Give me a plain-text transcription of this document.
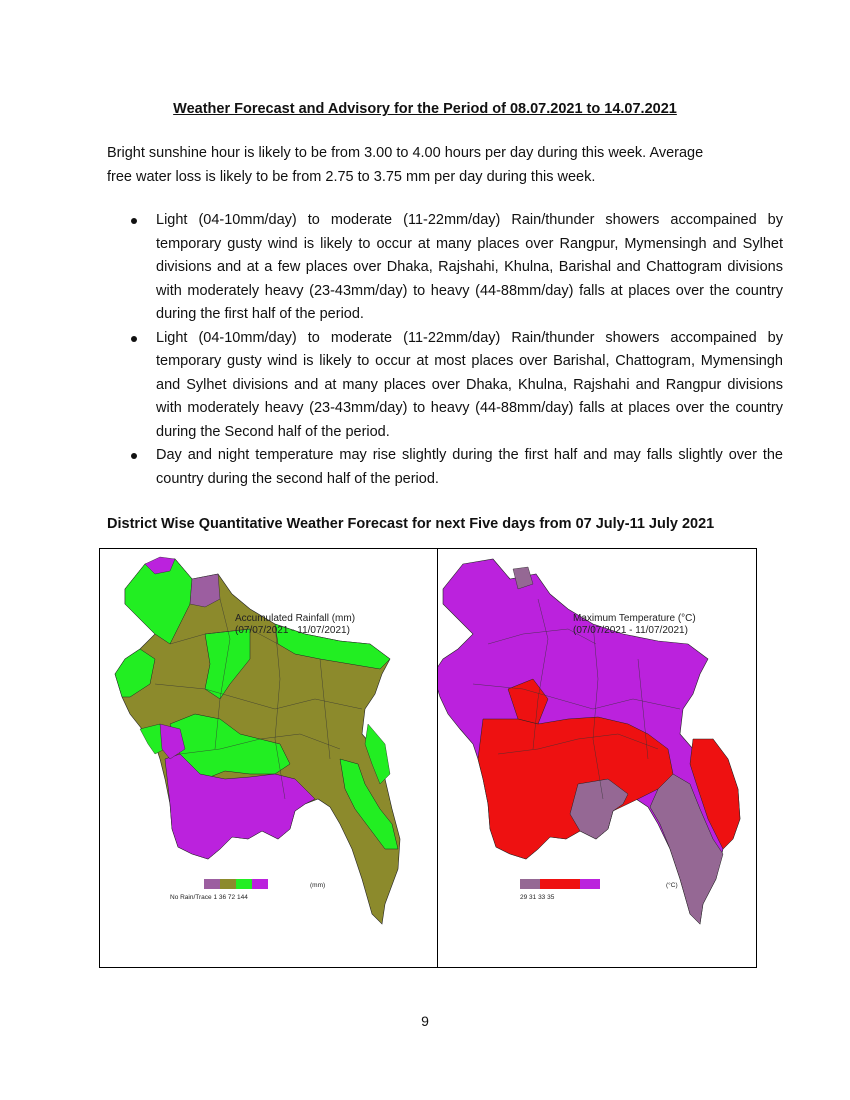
Weather Forecast and Advisory for the Period of 08.07.2021 to 14.07.2021

Bright sunshine hour is likely to be from 3.00 to 4.00 hours per day during this week. Average

free water loss is likely to be from 2.75 to 3.75 mm per day during this week.

Light (04-10mm/day) to moderate (11-22mm/day) Rain/thunder showers accompained by temporary gusty wind is likely to occur at many places over Rangpur, Mymensingh and Sylhet divisions and at a few places over Dhaka, Rajshahi, Khulna, Barishal and Chattogram divisions with moderately heavy (23-43mm/day) to heavy (44-88mm/day) falls at places over the country during the first half of the period.
Light (04-10mm/day) to moderate (11-22mm/day) Rain/thunder showers accompained by temporary gusty wind is likely to occur at most places over Barishal, Chattogram, Mymensingh and Sylhet divisions and at many places over Dhaka, Khulna, Rajshahi and Rangpur divisions with moderately heavy (23-43mm/day) to heavy (44-88mm/day) falls at places over the country during the Second half of the period.
Day and night temperature may rise slightly during the first half and may falls slightly over the country during the second half of the period.
District Wise Quantitative Weather Forecast for next Five days from 07 July-11 July 2021
Accumulated Rainfall (mm)
(07/07/2021 - 11/07/2021)
No Rain/Trace 1 36 72 144
(mm)
Maximum Temperature (°C)
(07/07/2021 - 11/07/2021)
29 31 33 35
(°C)
9
